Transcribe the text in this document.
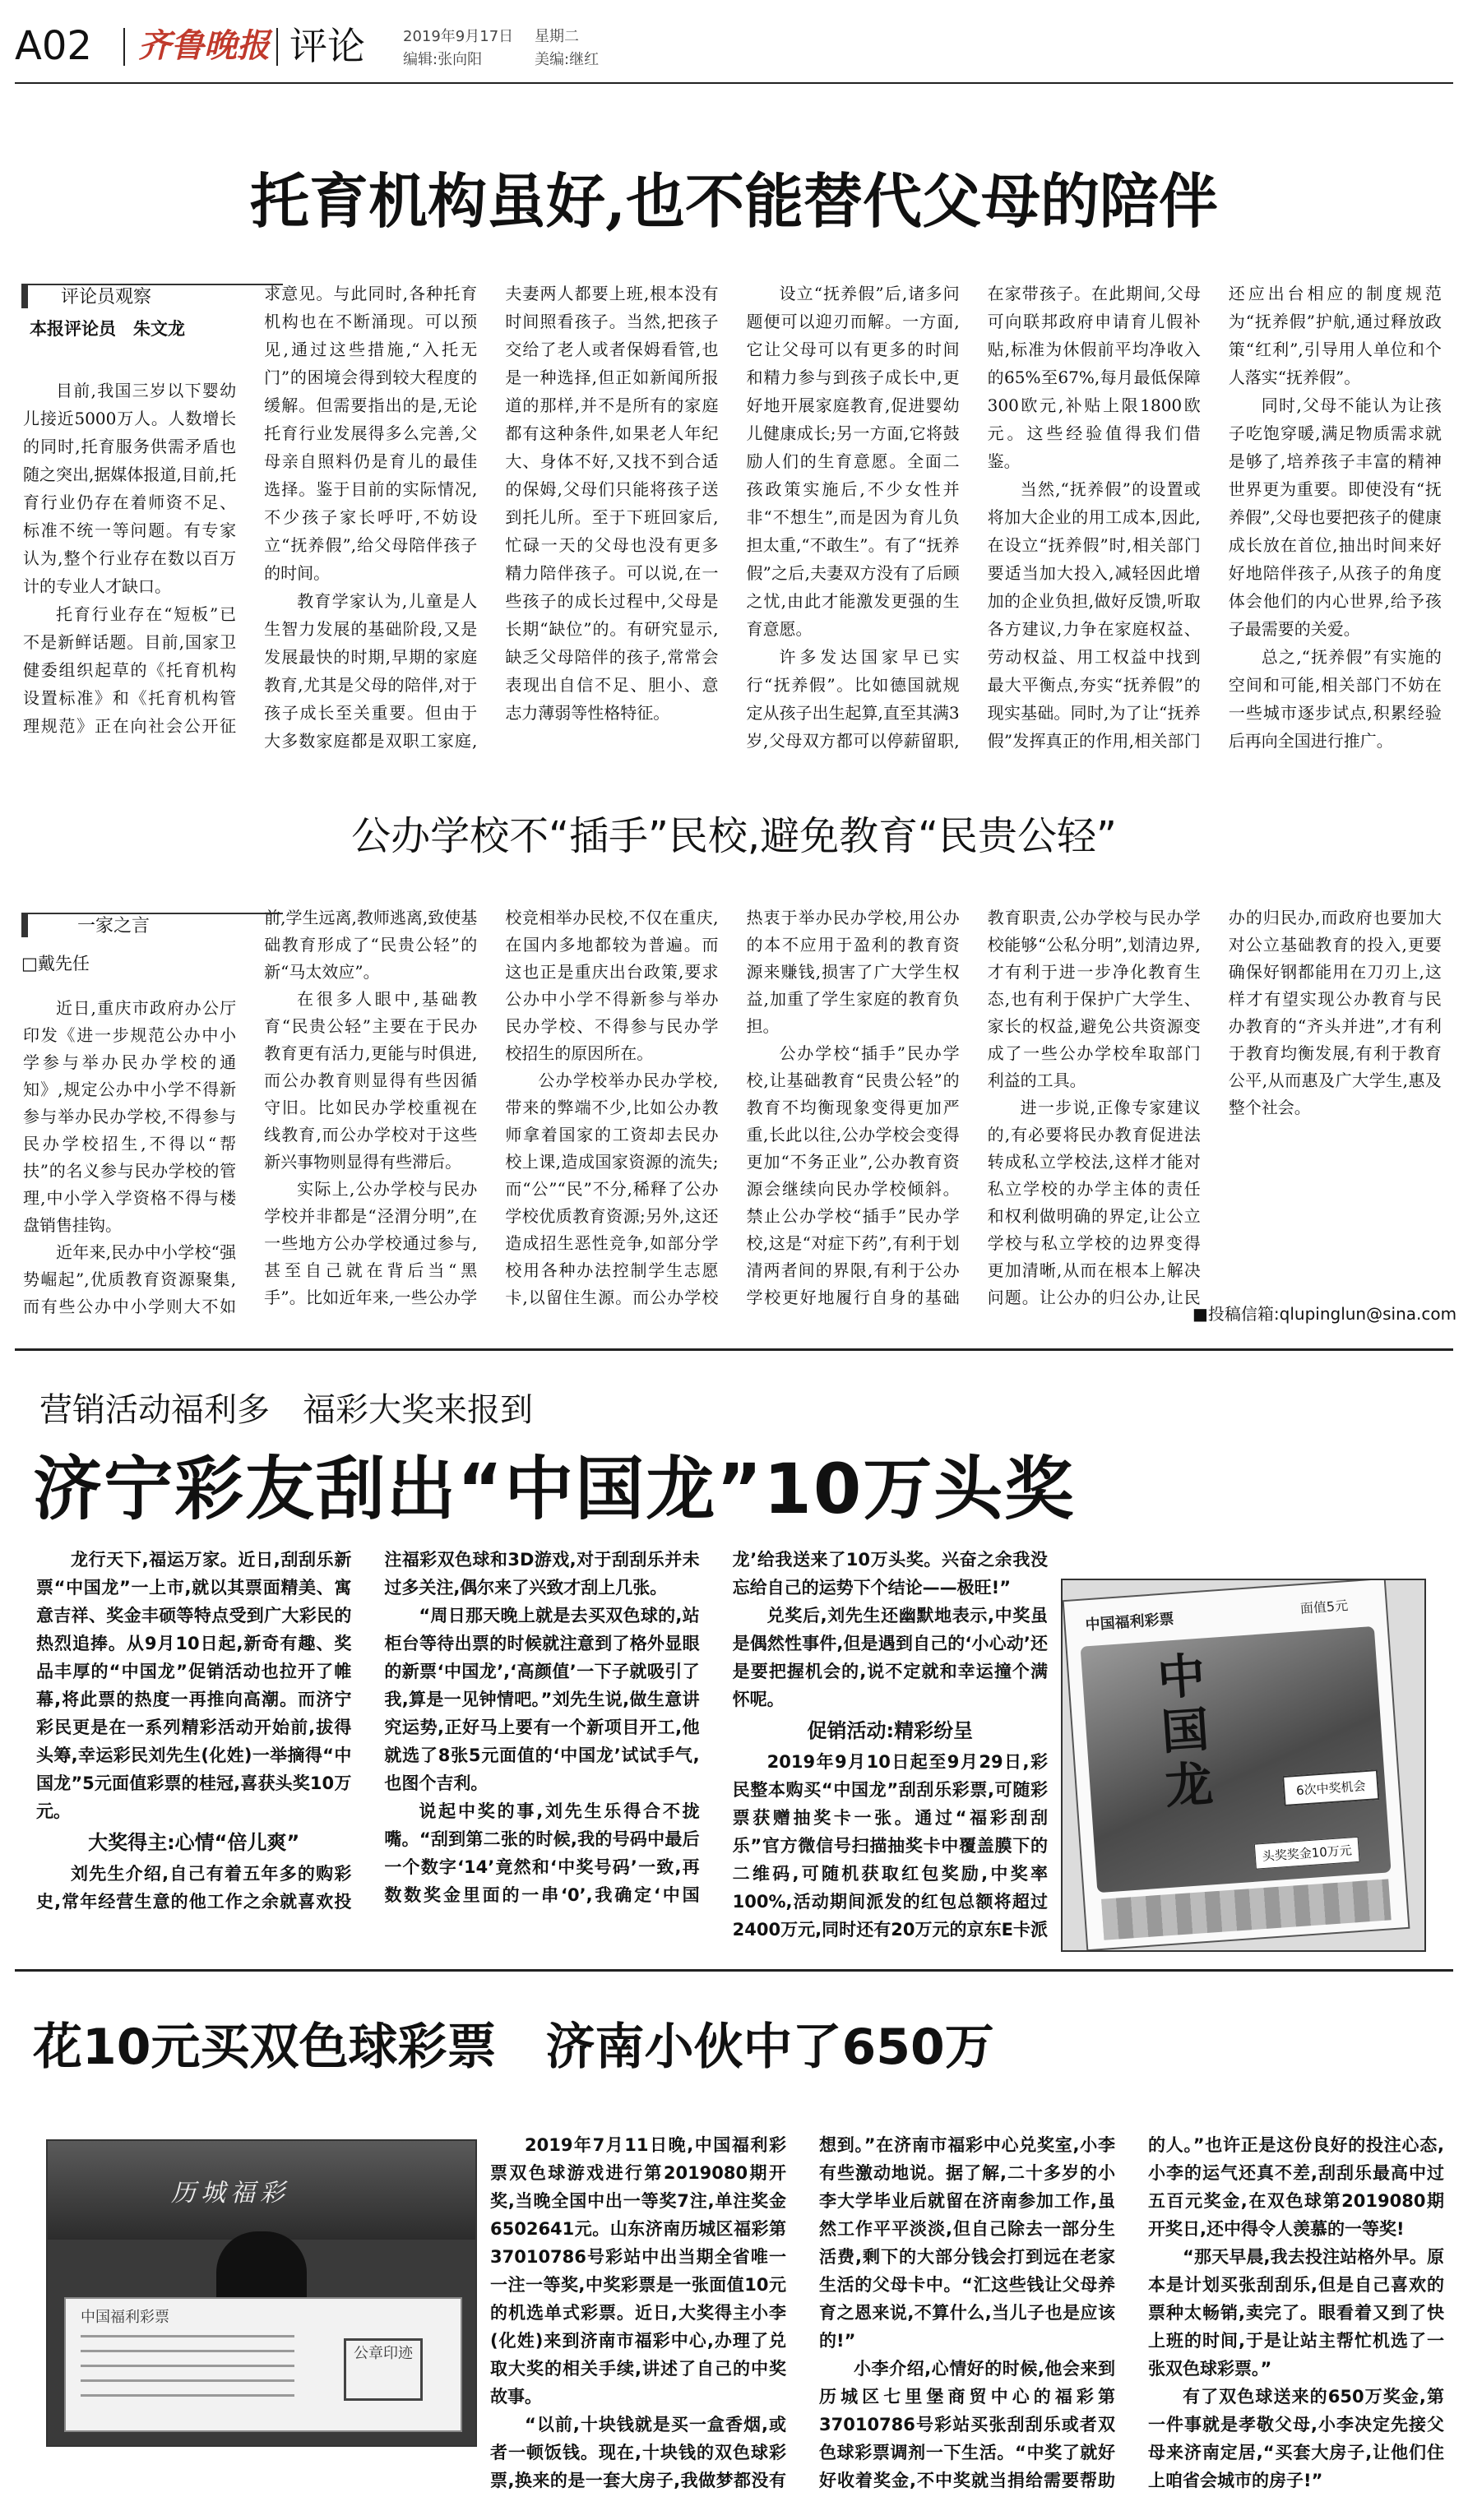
A02 齐鲁晚报 评论	2019年9月17日 星期二
编辑:张向阳	美编:继红
托育机构虽好,也不能替代父母的陪伴
评论员观察
本报评论员　朱文龙

目前,我国三岁以下婴幼儿接近5000万人。人数增长的同时,托育服务供需矛盾也随之突出,据媒体报道,目前,托育行业仍存在着师资不足、标准不统一等问题。有专家认为,整个行业存在数以百万计的专业人才缺口。

托育行业存在“短板”已不是新鲜话题。目前,国家卫健委组织起草的《托育机构设置标准》和《托育机构管理规范》正在向社会公开征求意见。与此同时,各种托育机构也在不断涌现。可以预见,通过这些措施,“入托无门”的困境会得到较大程度的缓解。但需要指出的是,无论托育行业发展得多么完善,父母亲自照料仍是育儿的最佳选择。鉴于目前的实际情况,不少孩子家长呼吁,不妨设立“抚养假”,给父母陪伴孩子的时间。

教育学家认为,儿童是人生智力发展的基础阶段,又是发展最快的时期,早期的家庭教育,尤其是父母的陪伴,对于孩子成长至关重要。但由于大多数家庭都是双职工家庭,夫妻两人都要上班,根本没有时间照看孩子。当然,把孩子交给了老人或者保姆看管,也是一种选择,但正如新闻所报道的那样,并不是所有的家庭都有这种条件,如果老人年纪大、身体不好,又找不到合适的保姆,父母们只能将孩子送到托儿所。至于下班回家后,忙碌一天的父母也没有更多精力陪伴孩子。可以说,在一些孩子的成长过程中,父母是长期“缺位”的。有研究显示,缺乏父母陪伴的孩子,常常会表现出自信不足、胆小、意志力薄弱等性格特征。

设立“抚养假”后,诸多问题便可以迎刃而解。一方面,它让父母可以有更多的时间和精力参与到孩子成长中,更好地开展家庭教育,促进婴幼儿健康成长;另一方面,它将鼓励人们的生育意愿。全面二孩政策实施后,不少女性并非“不想生”,而是因为育儿负担太重,“不敢生”。有了“抚养假”之后,夫妻双方没有了后顾之忧,由此才能激发更强的生育意愿。

许多发达国家早已实行“抚养假”。比如德国就规定从孩子出生起算,直至其满3岁,父母双方都可以停薪留职,在家带孩子。在此期间,父母可向联邦政府申请育儿假补贴,标准为休假前平均净收入的65%至67%,每月最低保障300欧元,补贴上限1800欧元。这些经验值得我们借鉴。

当然,“抚养假”的设置或将加大企业的用工成本,因此,在设立“抚养假”时,相关部门要适当加大投入,减轻因此增加的企业负担,做好反馈,听取各方建议,力争在家庭权益、劳动权益、用工权益中找到最大平衡点,夯实“抚养假”的现实基础。同时,为了让“抚养假”发挥真正的作用,相关部门还应出台相应的制度规范为“抚养假”护航,通过释放政策“红利”,引导用人单位和个人落实“抚养假”。

同时,父母不能认为让孩子吃饱穿暖,满足物质需求就是够了,培养孩子丰富的精神世界更为重要。即使没有“抚养假”,父母也要把孩子的健康成长放在首位,抽出时间来好好地陪伴孩子,从孩子的角度体会他们的内心世界,给予孩子最需要的关爱。

总之,“抚养假”有实施的空间和可能,相关部门不妨在一些城市逐步试点,积累经验后再向全国进行推广。

公办学校不“插手”民校,避免教育“民贵公轻”
一家之言
□戴先任

近日,重庆市政府办公厅印发《进一步规范公办中小学参与举办民办学校的通知》,规定公办中小学不得新参与举办民办学校,不得参与民办学校招生,不得以“帮扶”的名义参与民办学校的管理,中小学入学资格不得与楼盘销售挂钩。

近年来,民办中小学校“强势崛起”,优质教育资源聚集,而有些公办中小学则大不如前,学生远离,教师逃离,致使基础教育形成了“民贵公轻”的新“马太效应”。

在很多人眼中,基础教育“民贵公轻”主要在于民办教育更有活力,更能与时俱进,而公办教育则显得有些因循守旧。比如民办学校重视在线教育,而公办学校对于这些新兴事物则显得有些滞后。

实际上,公办学校与民办学校并非都是“泾渭分明”,在一些地方公办学校通过参与,甚至自己就在背后当“黑手”。比如近年来,一些公办学校竞相举办民校,不仅在重庆,在国内多地都较为普遍。而这也正是重庆出台政策,要求公办中小学不得新参与举办民办学校、不得参与民办学校招生的原因所在。

公办学校举办民办学校,带来的弊端不少,比如公办教师拿着国家的工资却去民办校上课,造成国家资源的流失;而“公”“民”不分,稀释了公办学校优质教育资源;另外,这还造成招生恶性竞争,如部分学校用各种办法控制学生志愿卡,以留住生源。而公办学校热衷于举办民办学校,用公办的本不应用于盈利的教育资源来赚钱,损害了广大学生权益,加重了学生家庭的教育负担。

公办学校“插手”民办学校,让基础教育“民贵公轻”的教育不均衡现象变得更加严重,长此以往,公办学校会变得更加“不务正业”,公办教育资源会继续向民办学校倾斜。禁止公办学校“插手”民办学校,这是“对症下药”,有利于划清两者间的界限,有利于公办学校更好地履行自身的基础教育职责,公办学校与民办学校能够“公私分明”,划清边界,才有利于进一步净化教育生态,也有利于保护广大学生、家长的权益,避免公共资源变成了一些公办学校牟取部门利益的工具。

进一步说,正像专家建议的,有必要将民办教育促进法转成私立学校法,这样才能对私立学校的办学主体的责任和权利做明确的界定,让公立学校与私立学校的边界变得更加清晰,从而在根本上解决问题。让公办的归公办,让民办的归民办,而政府也要加大对公立基础教育的投入,更要确保好钢都能用在刀刃上,这样才有望实现公办教育与民办教育的“齐头并进”,才有利于教育均衡发展,有利于教育公平,从而惠及广大学生,惠及整个社会。

■投稿信箱:qlupinglun@sina.com
营销活动福利多　福彩大奖来报到
济宁彩友刮出“中国龙”10万头奖

龙行天下,福运万家。近日,刮刮乐新票“中国龙”一上市,就以其票面精美、寓意吉祥、奖金丰硕等特点受到广大彩民的热烈追捧。从9月10日起,新奇有趣、奖品丰厚的“中国龙”促销活动也拉开了帷幕,将此票的热度一再推向高潮。而济宁彩民更是在一系列精彩活动开始前,拔得头筹,幸运彩民刘先生(化姓)一举摘得“中国龙”5元面值彩票的桂冠,喜获头奖10万元。

大奖得主:心情“倍儿爽”

刘先生介绍,自己有着五年多的购彩史,常年经营生意的他工作之余就喜欢投注福彩双色球和3D游戏,对于刮刮乐并未过多关注,偶尔来了兴致才刮上几张。

“周日那天晚上就是去买双色球的,站柜台等待出票的时候就注意到了格外显眼的新票‘中国龙’,‘高颜值’一下子就吸引了我,算是一见钟情吧。”刘先生说,做生意讲究运势,正好马上要有一个新项目开工,他就选了8张5元面值的‘中国龙’试试手气,也图个吉利。

说起中奖的事,刘先生乐得合不拢嘴。“刮到第二张的时候,我的号码中最后一个数字‘14’竟然和‘中奖号码’一致,再数数奖金里面的一串‘0’,我确定‘中国龙’给我送来了10万头奖。兴奋之余我没忘给自己的运势下个结论——极旺!”

兑奖后,刘先生还幽默地表示,中奖虽是偶然性事件,但是遇到自己的‘小心动’还是要把握机会的,说不定就和幸运撞个满怀呢。

促销活动:精彩纷呈

2019年9月10日起至9月29日,彩民整本购买“中国龙”刮刮乐彩票,可随彩票获赠抽奖卡一张。通过“福彩刮刮乐”官方微信号扫描抽奖卡中覆盖膜下的二维码,可随机获取红包奖励,中奖率100%,活动期间派发的红包总额将超过2400万元,同时还有20万元的京东E卡派

中国福利彩票
面值5元
中国龙	6次中奖机会
头奖奖金10万元
花10元买双色球彩票　济南小伙中了650万
历城福彩
中国福利彩票
公章印迹

2019年7月11日晚,中国福利彩票双色球游戏进行第2019080期开奖,当晚全国中出一等奖7注,单注奖金6502641元。山东济南历城区福彩第37010786号彩站中出当期全省唯一一注一等奖,中奖彩票是一张面值10元的机选单式彩票。近日,大奖得主小李(化姓)来到济南市福彩中心,办理了兑取大奖的相关手续,讲述了自己的中奖故事。

“以前,十块钱就是买一盒香烟,或者一顿饭钱。现在,十块钱的双色球彩票,换来的是一套大房子,我做梦都没有想到。”在济南市福彩中心兑奖室,小李有些激动地说。据了解,二十多岁的小李大学毕业后就留在济南参加工作,虽然工作平平淡淡,但自己除去一部分生活费,剩下的大部分钱会打到远在老家生活的父母卡中。“汇这些钱让父母养育之恩来说,不算什么,当儿子也是应该的!”

小李介绍,心情好的时候,他会来到历城区七里堡商贸中心的福彩第37010786号彩站买张刮刮乐或者双色球彩票调剂一下生活。“中奖了就好好收着奖金,不中奖就当捐给需要帮助的人。”也许正是这份良好的投注心态,小李的运气还真不差,刮刮乐最高中过五百元奖金,在双色球第2019080期开奖日,还中得令人羡慕的一等奖!

“那天早晨,我去投注站格外早。原本是计划买张刮刮乐,但是自己喜欢的票种太畅销,卖完了。眼看着又到了快上班的时间,于是让站主帮忙机选了一张双色球彩票。”

有了双色球送来的650万奖金,第一件事就是孝敬父母,小李决定先接父母来济南定居,“买套大房子,让他们住上咱省会城市的房子!”
